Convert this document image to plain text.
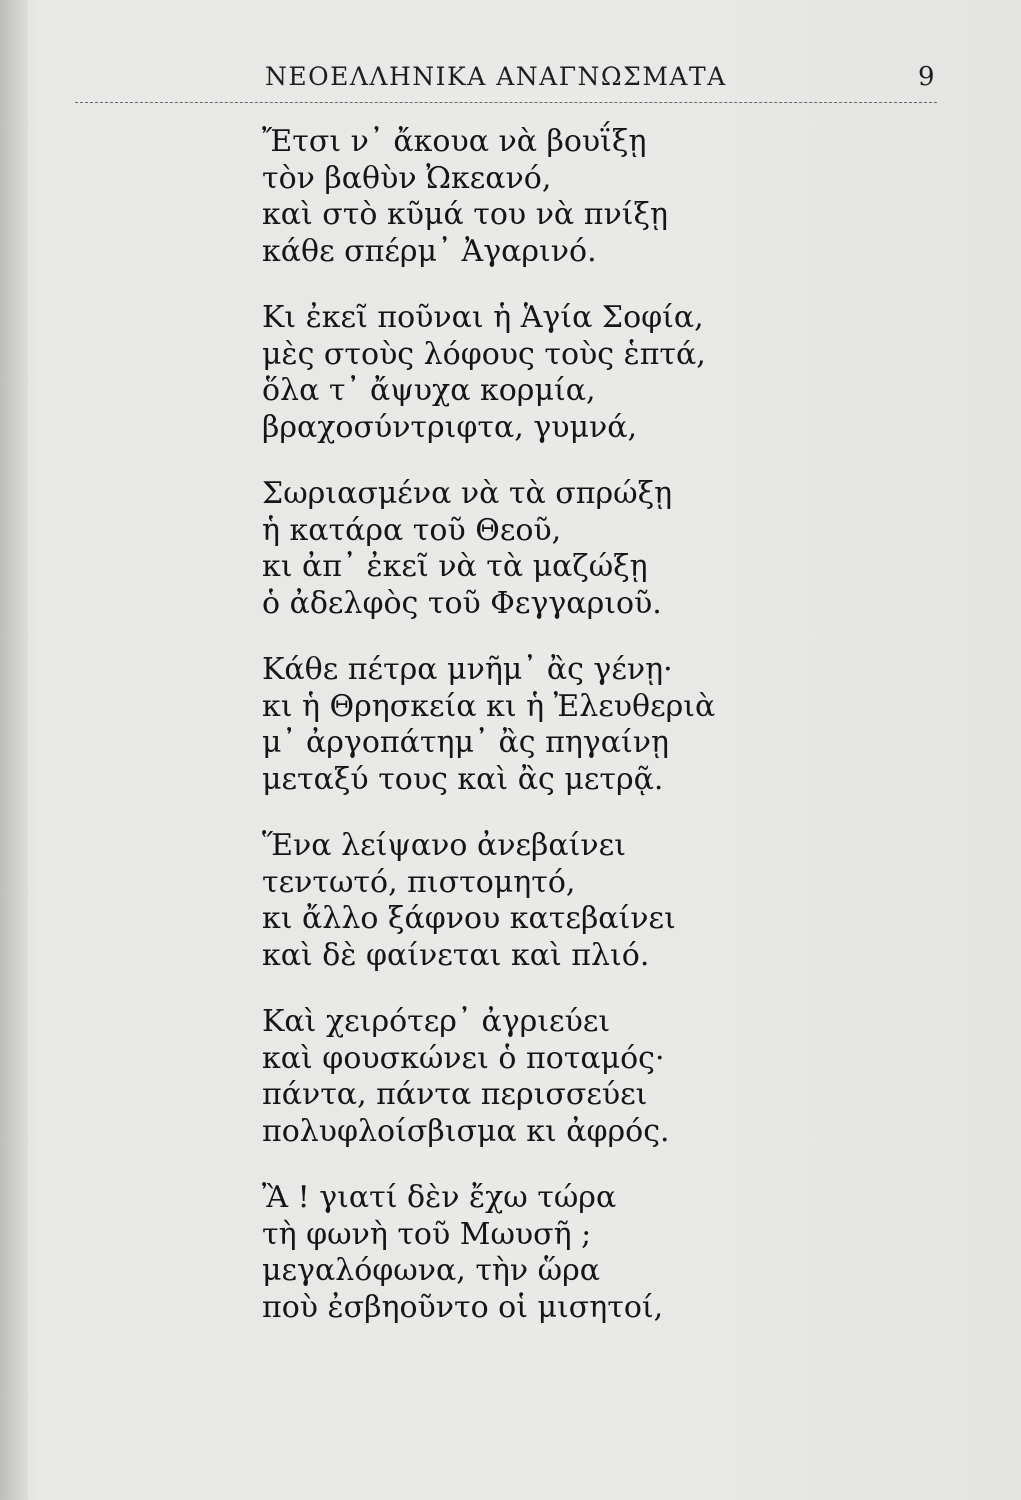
ΝΕΟΕΛΛΗΝΙΚΑ ΑΝΑΓΝΩΣΜΑΤΑ	9
Ἔτσι ν᾽ ἄκουα νὰ βουΐξῃ
τὸν βαθὺν Ὠκεανό,
καὶ στὸ κῦμά του νὰ πνίξῃ
κάθε σπέρμ᾽ Ἀγαρινό.
Κι ἐκεῖ ποῦναι ἡ Ἁγία Σοφία,
μὲς στοὺς λόφους τοὺς ἑπτά,
ὅλα τ᾽ ἄψυχα κορμία,
βραχοσύντριφτα, γυμνά,
Σωριασμένα νὰ τὰ σπρώξῃ
ἡ κατάρα τοῦ Θεοῦ,
κι ἀπ᾽ ἐκεῖ νὰ τὰ μαζώξῃ
ὁ ἀδελφὸς τοῦ Φεγγαριοῦ.
Κάθε πέτρα μνῆμ᾽ ἂς γένῃ·
κι ἡ Θρησκεία κι ἡ Ἐλευθεριὰ
μ᾽ ἀργοπάτημ᾽ ἂς πηγαίνῃ
μεταξύ τους καὶ ἂς μετρᾷ.
Ἕνα λείψανο ἀνεβαίνει
τεντωτό, πιστομητό,
κι ἄλλο ξάφνου κατεβαίνει
καὶ δὲ φαίνεται καὶ πλιό.
Καὶ χειρότερ᾽ ἀγριεύει
καὶ φουσκώνει ὁ ποταμός·
πάντα, πάντα περισσεύει
πολυφλοίσβισμα κι ἀφρός.
Ἂ ! γιατί δὲν ἔχω τώρα
τὴ φωνὴ τοῦ Μωυσῆ ;
μεγαλόφωνα, τὴν ὥρα
ποὺ ἐσβηοῦντο οἱ μισητοί,
